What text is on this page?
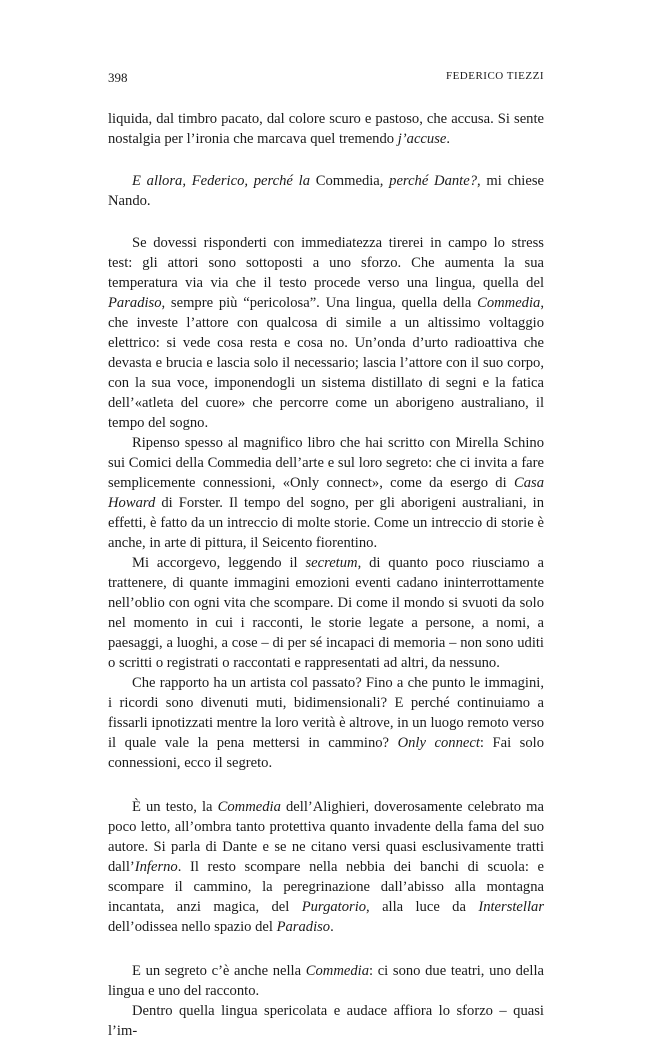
398	FEDERICO TIEZZI

liquida, dal timbro pacato, dal colore scuro e pastoso, che accusa. Si sente nostalgia per l’ironia che marcava quel tremendo j’accuse.

E allora, Federico, perché la Commedia, perché Dante?, mi chiese Nando.

Se dovessi risponderti con immediatezza tirerei in campo lo stress test: gli attori sono sottoposti a uno sforzo. Che aumenta la sua temperatura via via che il testo procede verso una lingua, quella del Paradiso, sempre più “pericolosa”. Una lingua, quella della Commedia, che investe l’attore con qualcosa di simile a un altissimo voltaggio elettrico: si vede cosa resta e cosa no. Un’onda d’urto radioattiva che devasta e brucia e lascia solo il necessario; lascia l’attore con il suo corpo, con la sua voce, imponendogli un sistema distillato di segni e la fatica dell’«atleta del cuore» che percorre come un aborigeno australiano, il tempo del sogno.

Ripenso spesso al magnifico libro che hai scritto con Mirella Schino sui Comici della Commedia dell’arte e sul loro segreto: che ci invita a fare semplicemente connessioni, «Only connect», come da esergo di Casa Howard di Forster. Il tempo del sogno, per gli aborigeni australiani, in effetti, è fatto da un intreccio di molte storie. Come un intreccio di storie è anche, in arte di pittura, il Seicento fiorentino.

Mi accorgevo, leggendo il secretum, di quanto poco riusciamo a trattenere, di quante immagini emozioni eventi cadano ininterrottamente nell’oblio con ogni vita che scompare. Di come il mondo si svuoti da solo nel momento in cui i racconti, le storie legate a persone, a nomi, a paesaggi, a luoghi, a cose – di per sé incapaci di memoria – non sono uditi o scritti o registrati o raccontati e rappresentati ad altri, da nessuno.

Che rapporto ha un artista col passato? Fino a che punto le immagini, i ricordi sono divenuti muti, bidimensionali? E perché continuiamo a fissarli ipnotizzati mentre la loro verità è altrove, in un luogo remoto verso il quale vale la pena mettersi in cammino? Only connect: Fai solo connessioni, ecco il segreto.

È un testo, la Commedia dell’Alighieri, doverosamente celebrato ma poco letto, all’ombra tanto protettiva quanto invadente della fama del suo autore. Si parla di Dante e se ne citano versi quasi esclusivamente tratti dall’Inferno. Il resto scompare nella nebbia dei banchi di scuola: e scompare il cammino, la peregrinazione dall’abisso alla montagna incantata, anzi magica, del Purgatorio, alla luce da Interstellar dell’odissea nello spazio del Paradiso.

E un segreto c’è anche nella Commedia: ci sono due teatri, uno della lingua e uno del racconto.

Dentro quella lingua spericolata e audace affiora lo sforzo – quasi l’im-
